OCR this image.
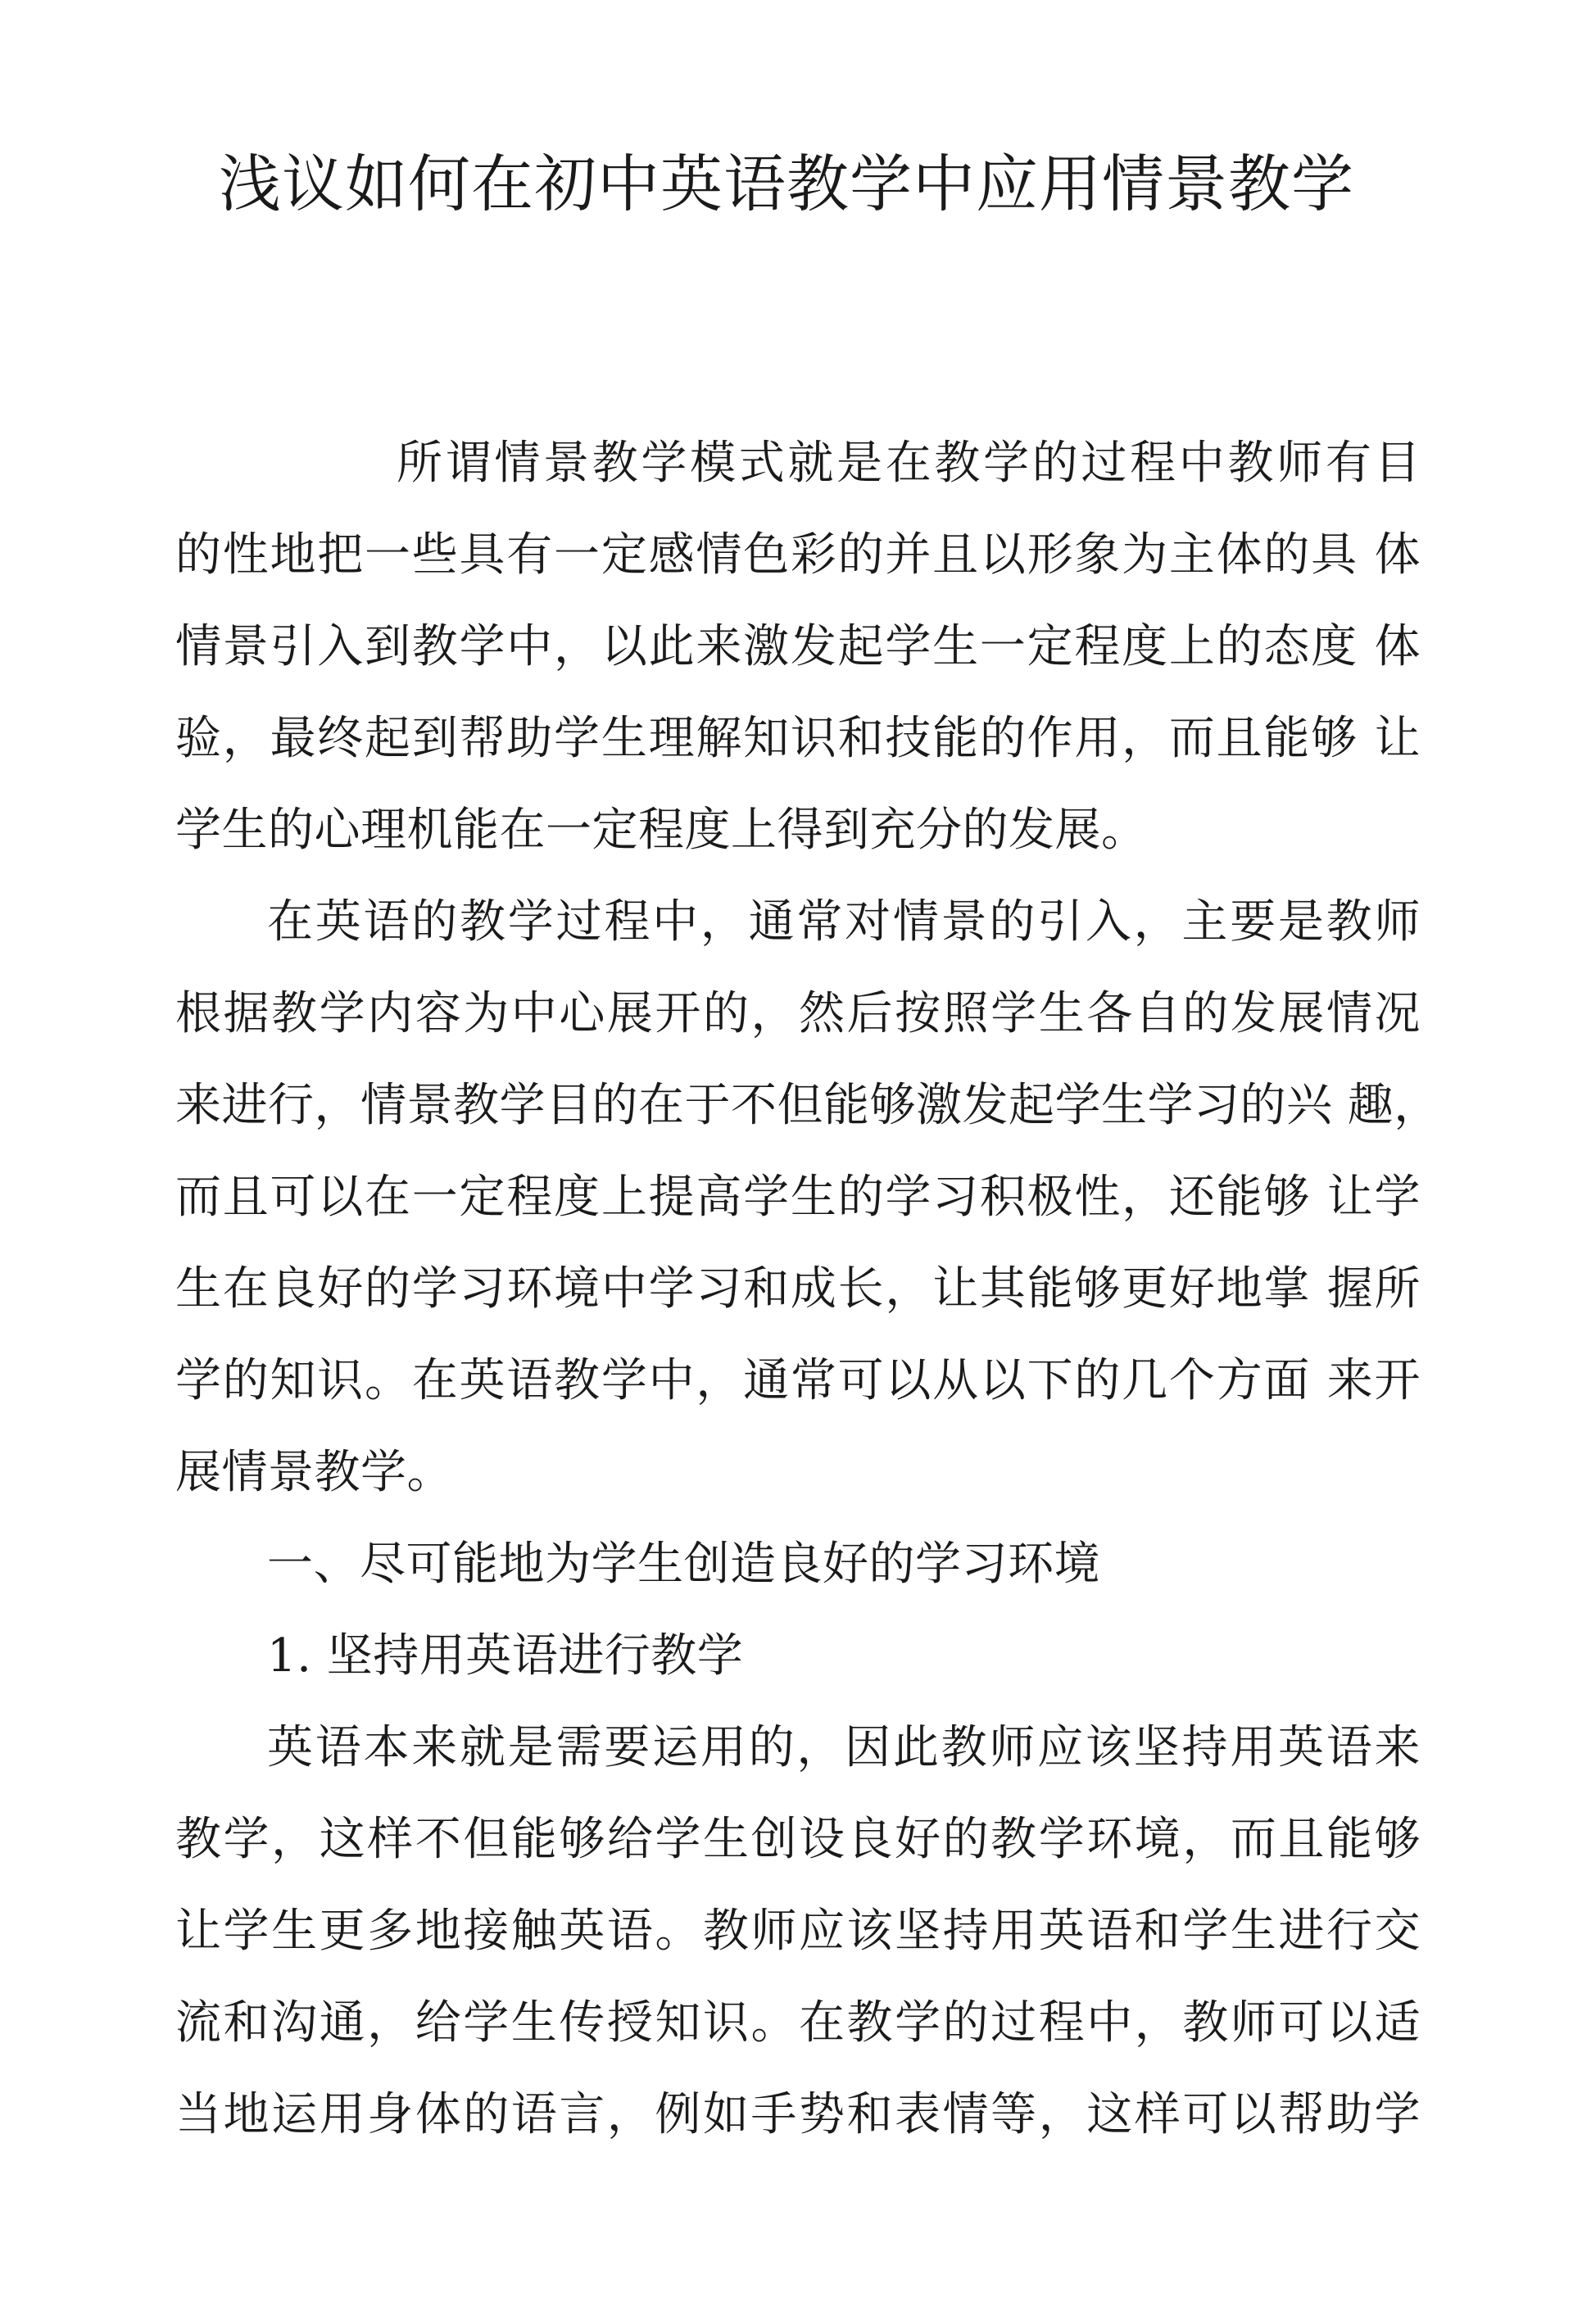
浅议如何在初中英语教学中应用情景教学
所谓情景教学模式就是在教学的过程中教师有目
的性地把一些具有一定感情色彩的并且以形象为主体的具 体
情景引入到教学中，以此来激发起学生一定程度上的态度 体
验，最终起到帮助学生理解知识和技能的作用，而且能够 让
学生的心理机能在一定程度上得到充分的发展。
在英语的教学过程中，通常对情景的引入，主要是教师
根据教学内容为中心展开的，然后按照学生各自的发展情况
来进行，情景教学目的在于不但能够激发起学生学习的兴 趣，
而且可以在一定程度上提高学生的学习积极性，还能够 让学
生在良好的学习环境中学习和成长，让其能够更好地掌 握所
学的知识。在英语教学中，通常可以从以下的几个方面 来开
展情景教学。
一、尽可能地为学生创造良好的学习环境
1. 坚持用英语进行教学
英语本来就是需要运用的，因此教师应该坚持用英语来
教学，这样不但能够给学生创设良好的教学环境，而且能够
让学生更多地接触英语。教师应该坚持用英语和学生进行交
流和沟通，给学生传授知识。在教学的过程中，教师可以适
当地运用身体的语言，例如手势和表情等，这样可以帮助学
